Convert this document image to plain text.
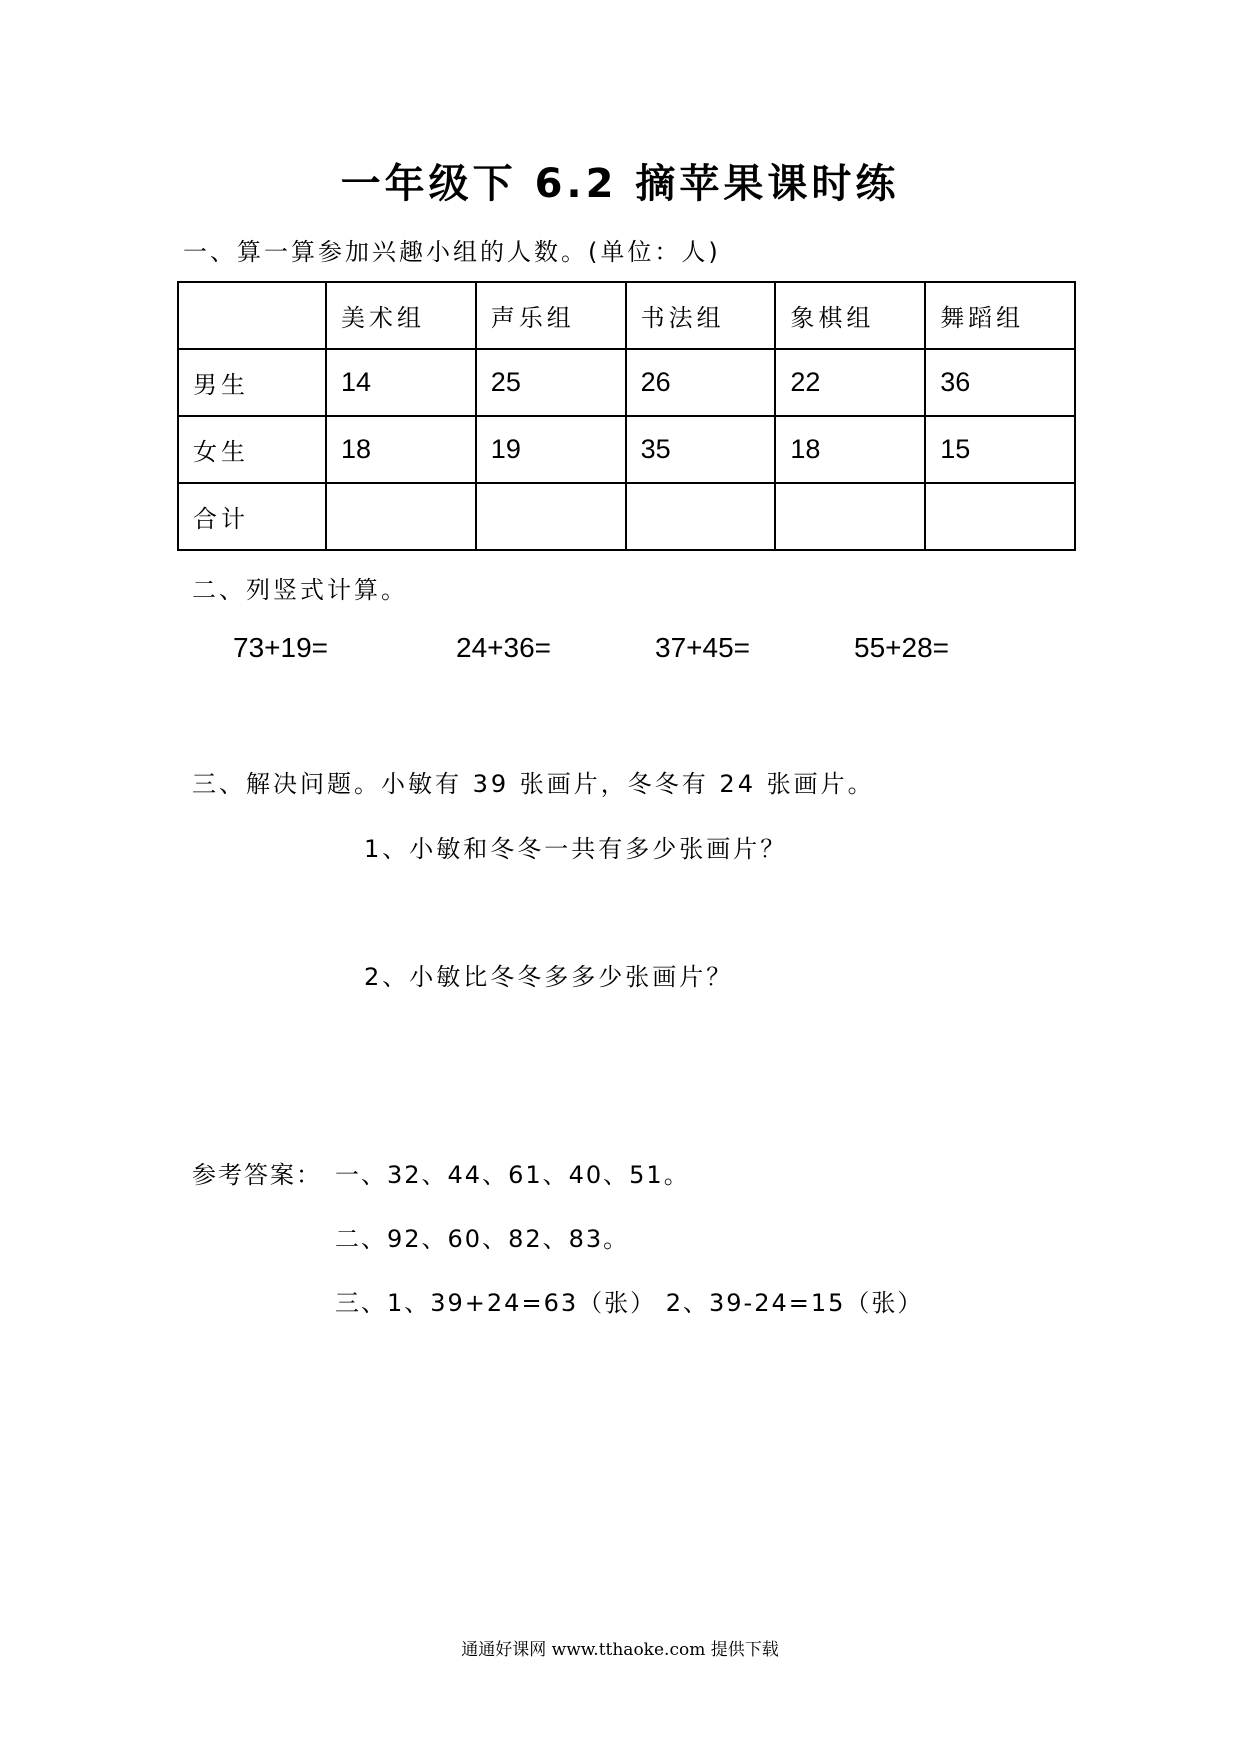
一年级下 6.2 摘苹果课时练
一、算一算参加兴趣小组的人数。(单位：人)
	美术组	声乐组	书法组	象棋组	舞蹈组
男生	14	25	26	22	36
女生	18	19	35	18	15
合计					
二、列竖式计算。
73+19=	24+36=	37+45=	55+28=
三、解决问题。小敏有 39 张画片，冬冬有 24 张画片。
1、小敏和冬冬一共有多少张画片？
2、小敏比冬冬多多少张画片？
参考答案： 一、32、44、61、40、51。
二、92、60、82、83。
三、1、39+24=63（张） 2、39-24=15（张）
通通好课网 www.tthaoke.com 提供下载
